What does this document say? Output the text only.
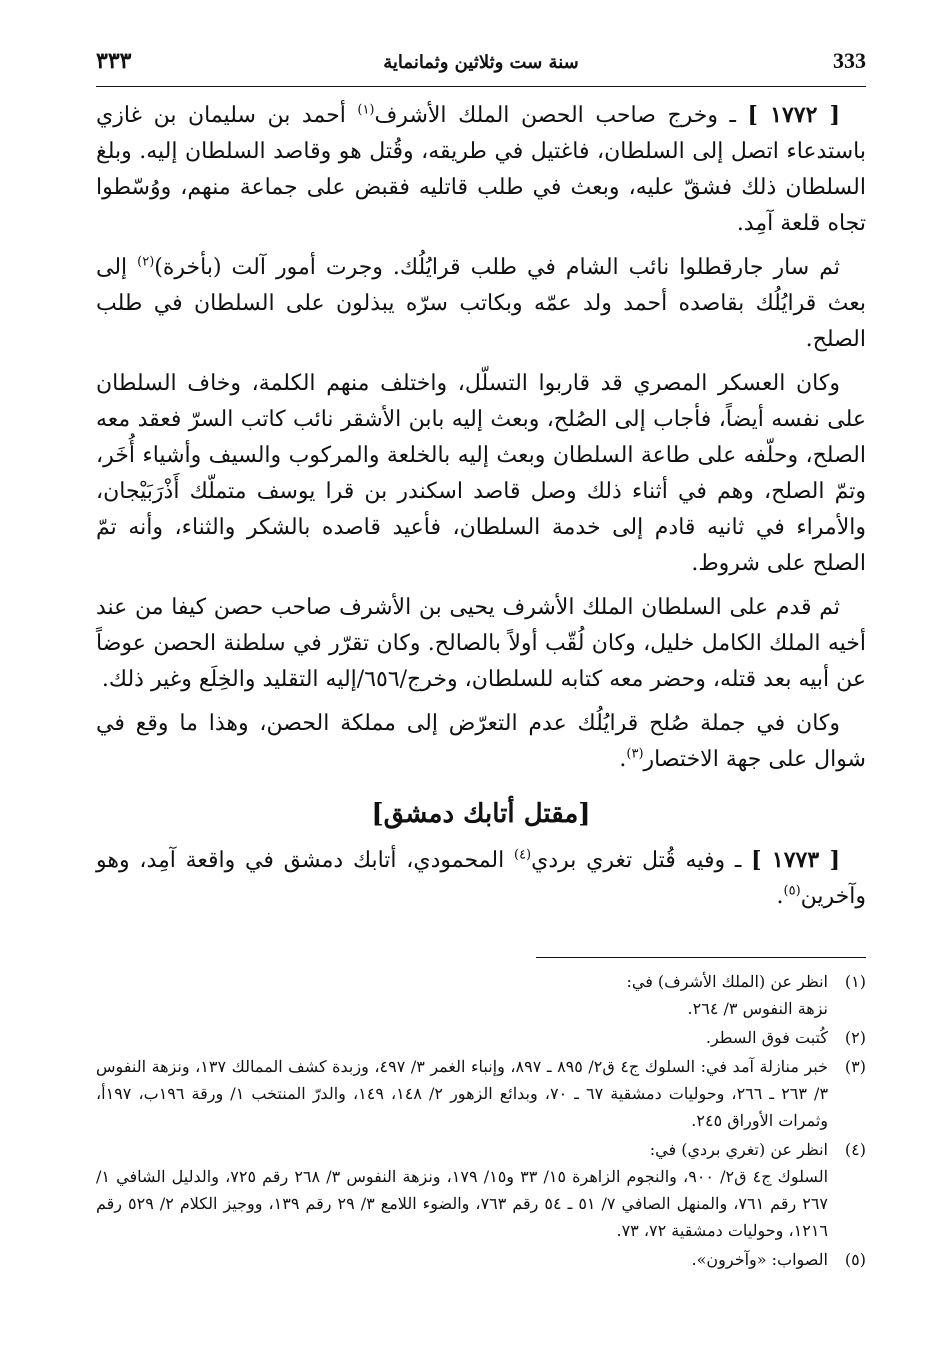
٣٣٣	سنة ست وثلاثين وثمانماية	333

[ ١٧٧٢ ] ـ وخرج صاحب الحصن الملك الأشرف$^{(١)}$ أحمد بن سليمان بن غازي باستدعاء اتصل إلى السلطان، فاغتيل في طريقه، وقُتل هو وقاصد السلطان إليه. وبلغ السلطان ذلك فشقّ عليه، وبعث في طلب قاتليه فقبض على جماعة منهم، ووُسّطوا تجاه قلعة آمِد.

ثم سار جارقطلوا نائب الشام في طلب قرايُلُك. وجرت أمور آلت (بأخرة)$^{(٢)}$ إلى بعث قرايُلُك بقاصده أحمد ولد عمّه وبكاتب سرّه يبذلون على السلطان في طلب الصلح.

وكان العسكر المصري قد قاربوا التسلّل، واختلف منهم الكلمة، وخاف السلطان على نفسه أيضاً، فأجاب إلى الصُلح، وبعث إليه بابن الأشقر نائب كاتب السرّ فعقد معه الصلح، وحلّفه على طاعة السلطان وبعث إليه بالخلعة والمركوب والسيف وأشياء أُخَر، وتمّ الصلح، وهم في أثناء ذلك وصل قاصد اسكندر بن قرا يوسف متملّك أَذْرَبَيْجان، والأمراء في ثانيه قادم إلى خدمة السلطان، فأعيد قاصده بالشكر والثناء، وأنه تمّ الصلح على شروط.

ثم قدم على السلطان الملك الأشرف يحيى بن الأشرف صاحب حصن كيفا من عند أخيه الملك الكامل خليل، وكان لُقّب أولاً بالصالح. وكان تقرّر في سلطنة الحصن عوضاً عن أبيه بعد قتله، وحضر معه كتابه للسلطان، وخرج/٦٥٦/إليه التقليد والخِلَع وغير ذلك.

وكان في جملة صُلح قرايُلُك عدم التعرّض إلى مملكة الحصن، وهذا ما وقع في شوال على جهة الاختصار$^{(٣)}$.

[مقتل أتابك دمشق]

[ ١٧٧٣ ] ـ وفيه قُتل تغري بردي$^{(٤)}$ المحمودي، أتابك دمشق في واقعة آمِد، وهو وآخرين$^{(٥)}$.

(١)
انظر عن (الملك الأشرف) في:
نزهة النفوس ٣/ ٢٦٤.
(٢)
كُتبت فوق السطر.
(٣)
خبر منازلة آمد في: السلوك ج٤ ق٢/ ٨٩٥ ـ ٨٩٧، وإنباء الغمر ٣/ ٤٩٧، وزبدة كشف الممالك ١٣٧، ونزهة النفوس ٣/ ٢٦٣ ـ ٢٦٦، وحوليات دمشقية ٦٧ ـ ٧٠، وبدائع الزهور ٢/ ١٤٨، ١٤٩، والدرّ المنتخب ١/ ورقة ١٩٦ب، ١٩٧أ، وثمرات الأوراق ٢٤٥.
(٤)
انظر عن (تغري بردي) في:
السلوك ج٤ ق٢/ ٩٠٠، والنجوم الزاهرة ١٥/ ٣٣ و١٥/ ١٧٩، ونزهة النفوس ٣/ ٢٦٨ رقم ٧٢٥، والدليل الشافي ١/ ٢٦٧ رقم ٧٦١، والمنهل الصافي ٧/ ٥١ ـ ٥٤ رقم ٧٦٣، والضوء اللامع ٣/ ٢٩ رقم ١٣٩، ووجيز الكلام ٢/ ٥٢٩ رقم ١٢١٦، وحوليات دمشقية ٧٢، ٧٣.
(٥)
الصواب: «وآخرون».
